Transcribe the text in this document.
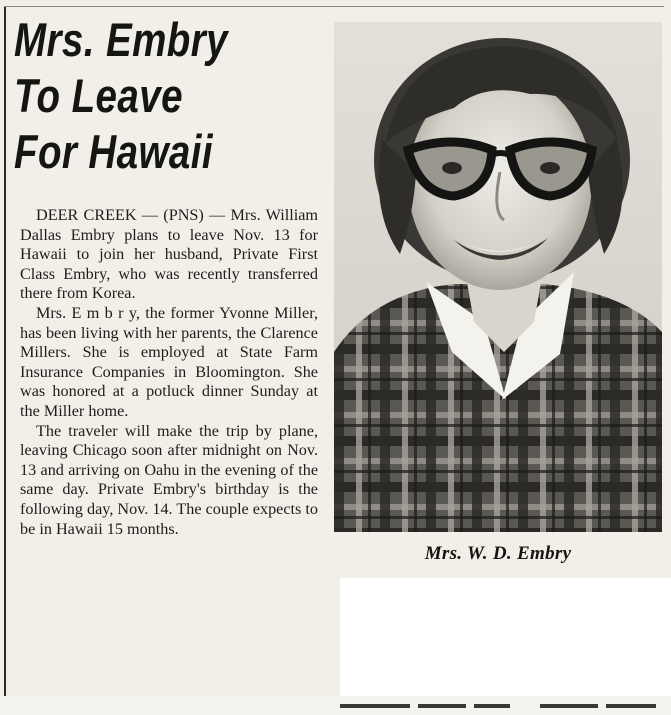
Mrs. Embry
To Leave
For Hawaii

DEER CREEK — (PNS) — Mrs. William Dallas Embry plans to leave Nov. 13 for Hawaii to join her husband, Private First Class Embry, who was recently transferred there from Korea.

Mrs. E m b r y, the former Yvonne Miller, has been living with her parents, the Clarence Millers. She is employed at State Farm Insurance Companies in Bloomington. She was honored at a potluck dinner Sunday at the Miller home.

The traveler will make the trip by plane, leaving Chicago soon after midnight on Nov. 13 and arriving on Oahu in the evening of the same day. Private Embry's birthday is the following day, Nov. 14. The couple expects to be in Hawaii 15 months.

Mrs. W. D. Embry
